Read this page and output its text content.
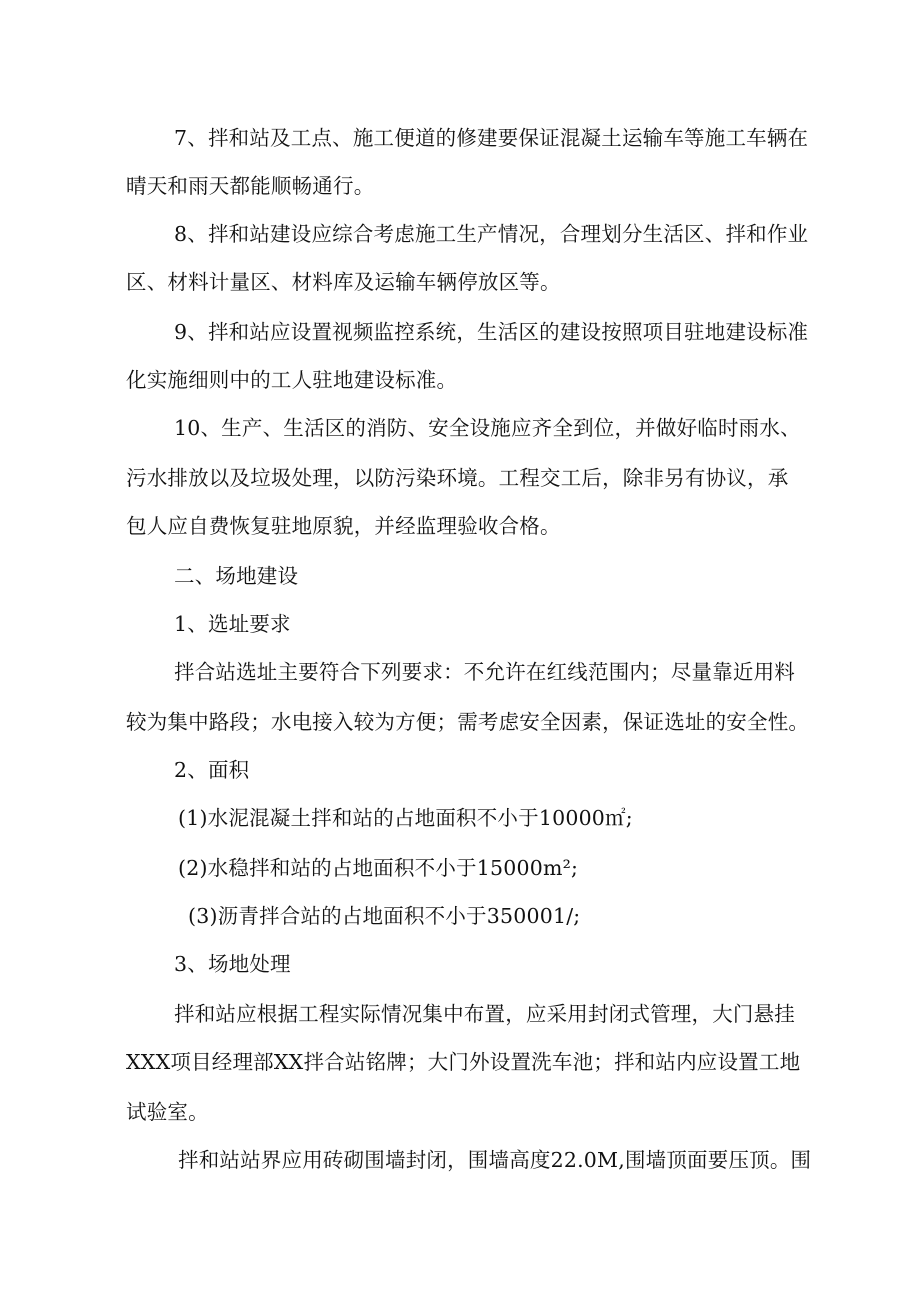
7、拌和站及工点、施工便道的修建要保证混凝土运输车等施工车辆在
晴天和雨天都能顺畅通行。
8、拌和站建设应综合考虑施工生产情况，合理划分生活区、拌和作业
区、材料计量区、材料库及运输车辆停放区等。
9、拌和站应设置视频监控系统，生活区的建设按照项目驻地建设标准
化实施细则中的工人驻地建设标准。
10、生产、生活区的消防、安全设施应齐全到位，并做好临时雨水、
污水排放以及垃圾处理，以防污染环境。工程交工后，除非另有协议，承
包人应自费恢复驻地原貌，并经监理验收合格。
二、场地建设
1、选址要求
拌合站选址主要符合下列要求：不允许在红线范围内；尽量靠近用料
较为集中路段；水电接入较为方便；需考虑安全因素，保证选址的安全性。
2、面积
(1)水泥混凝土拌和站的占地面积不小于10000㎡;
(2)水稳拌和站的占地面积不小于15000m²;
(3)沥青拌合站的占地面积不小于350001/;
3、场地处理
拌和站应根据工程实际情况集中布置，应采用封闭式管理，大门悬挂
XXX项目经理部XX拌合站铭牌；大门外设置洗车池；拌和站内应设置工地
试验室。
拌和站站界应用砖砌围墙封闭，围墙高度22.0M,围墙顶面要压顶。围
